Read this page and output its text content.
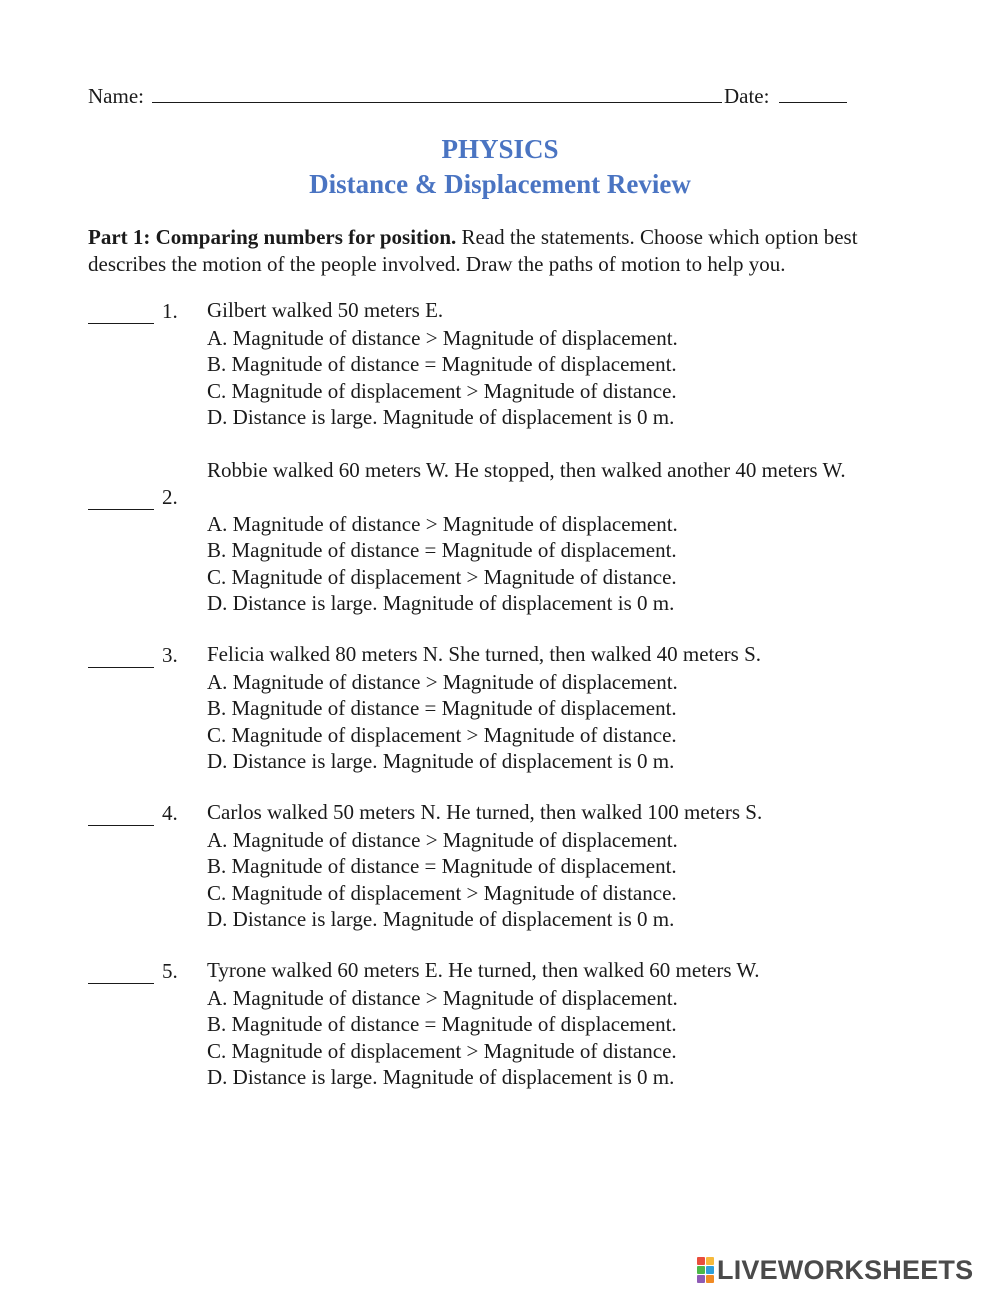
Name:	Date:
PHYSICS
Distance & Displacement Review
Part 1: Comparing numbers for position. Read the statements. Choose which option best describes the motion of the people involved. Draw the paths of motion to help you.
1.	Gilbert walked 50 meters E.
A. Magnitude of distance > Magnitude of displacement.
B. Magnitude of distance = Magnitude of displacement.
C. Magnitude of displacement > Magnitude of distance.
D. Distance is large. Magnitude of displacement is 0 m.
2.
Robbie walked 60 meters W. He stopped, then walked another 40 meters W.
A. Magnitude of distance > Magnitude of displacement.
B. Magnitude of distance = Magnitude of displacement.
C. Magnitude of displacement > Magnitude of distance.
D. Distance is large. Magnitude of displacement is 0 m.
3.	Felicia walked 80 meters N. She turned, then walked 40 meters S.
A. Magnitude of distance > Magnitude of displacement.
B. Magnitude of distance = Magnitude of displacement.
C. Magnitude of displacement > Magnitude of distance.
D. Distance is large. Magnitude of displacement is 0 m.
4.	Carlos walked 50 meters N. He turned, then walked 100 meters S.
A. Magnitude of distance > Magnitude of displacement.
B. Magnitude of distance = Magnitude of displacement.
C. Magnitude of displacement > Magnitude of distance.
D. Distance is large. Magnitude of displacement is 0 m.
5.	Tyrone walked 60 meters E. He turned, then walked 60 meters W.
A. Magnitude of distance > Magnitude of displacement.
B. Magnitude of distance = Magnitude of displacement.
C. Magnitude of displacement > Magnitude of distance.
D. Distance is large. Magnitude of displacement is 0 m.
LIVEWORKSHEETS
